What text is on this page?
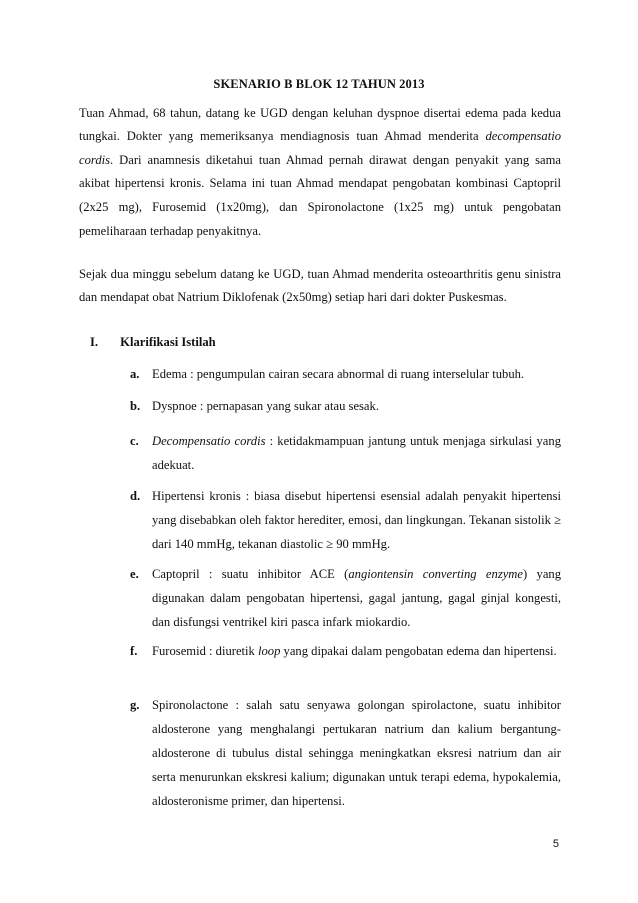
SKENARIO B BLOK 12 TAHUN 2013

Tuan Ahmad, 68 tahun, datang ke UGD dengan keluhan dyspnoe disertai edema pada kedua tungkai. Dokter yang memeriksanya mendiagnosis tuan Ahmad menderita decompensatio cordis. Dari anamnesis diketahui tuan Ahmad pernah dirawat dengan penyakit yang sama akibat hipertensi kronis. Selama ini tuan Ahmad mendapat pengobatan kombinasi Captopril (2x25 mg), Furosemid (1x20mg), dan Spironolactone (1x25 mg) untuk pengobatan pemeliharaan terhadap penyakitnya.

Sejak dua minggu sebelum datang ke UGD, tuan Ahmad menderita osteoarthritis genu sinistra dan mendapat obat Natrium Diklofenak (2x50mg) setiap hari dari dokter Puskesmas.

I. Klarifikasi Istilah
a. Edema : pengumpulan cairan secara abnormal di ruang interselular tubuh.
b. Dyspnoe : pernapasan yang sukar atau sesak.
c. Decompensatio cordis : ketidakmampuan jantung untuk menjaga sirkulasi yang adekuat.
d. Hipertensi kronis : biasa disebut hipertensi esensial adalah penyakit hipertensi yang disebabkan oleh faktor herediter, emosi, dan lingkungan. Tekanan sistolik ≥ dari 140 mmHg, tekanan diastolic ≥ 90 mmHg.
e. Captopril : suatu inhibitor ACE (angiontensin converting enzyme) yang digunakan dalam pengobatan hipertensi, gagal jantung, gagal ginjal kongesti, dan disfungsi ventrikel kiri pasca infark miokardio.
f. Furosemid : diuretik loop yang dipakai dalam pengobatan edema dan hipertensi.
g. Spironolactone : salah satu senyawa golongan spirolactone, suatu inhibitor aldosterone yang menghalangi pertukaran natrium dan kalium bergantung-aldosterone di tubulus distal sehingga meningkatkan eksresi natrium dan air serta menurunkan ekskresi kalium; digunakan untuk terapi edema, hypokalemia, aldosteronisme primer, dan hipertensi.
5
